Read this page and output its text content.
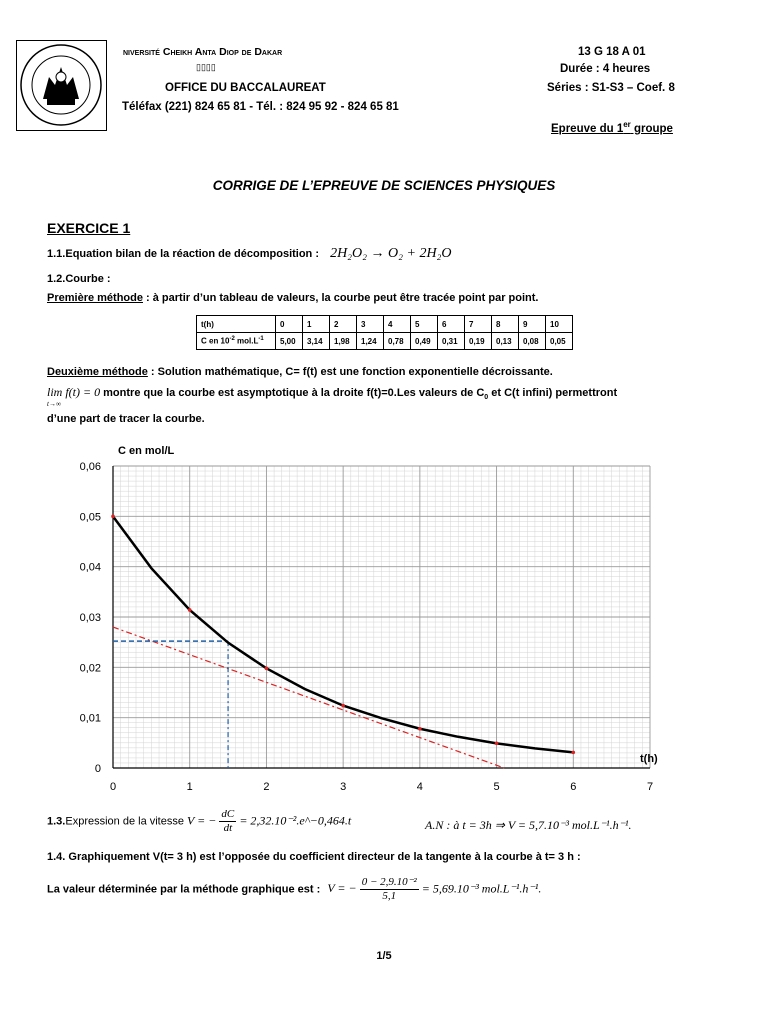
niversité Cheikh Anta Diop de Dakar
▯▯▯▯
OFFICE DU BACCALAUREAT
Téléfax (221) 824 65 81 - Tél. : 824 95 92 - 824 65 81
13 G 18 A 01
Durée : 4 heures
Séries : S1-S3 – Coef. 8
Epreuve du 1er groupe
CORRIGE DE L’EPREUVE DE SCIENCES PHYSIQUES
EXERCICE 1
1.1.Equation bilan de la réaction de décomposition : 2H₂O₂ → O₂ + 2H₂O
1.2.Courbe :
Première méthode : à partir d’un tableau de valeurs, la courbe peut être tracée point par point.
t(h)	0	1	2	3	4	5	6	7	8	9	10
C en $10^{-2}$ $mol.L^{-1}$	5,00	3,14	1,98	1,24	0,78	0,49	0,31	0,19	0,13	0,08	0,05
Deuxième méthode : Solution mathématique, C= f(t) est une fonction exponentielle décroissante.
lim f(t) = 0 montre que la courbe est asymptotique à la droite f(t)=0.Les valeurs de $C_0$ et C(t infini) permettront
t→∞
d’une part de tracer la courbe.
0
0,01
0,02
0,03
0,04
0,05
0,06
0	1	2	3	4	5	6	7
C en mol/L
t(h)
1.3.Expression de la vitesse V = − $\frac{dC}{dt}$ = 2,32.10⁻².e^−0,464.t	A.N : à t = 3h ⇒ V = 5,7.10⁻³ mol.L⁻¹.h⁻¹.
1.4. Graphiquement V(t= 3 h) est l’opposée du coefficient directeur de la tangente à la courbe à t= 3 h :
La valeur déterminée par la méthode graphique est : V = − $\frac{\text{0 − 2,9.10⁻²}}{5,1} = 5,69.10^{-3}$ mol.L⁻¹.h⁻¹.
1/5
